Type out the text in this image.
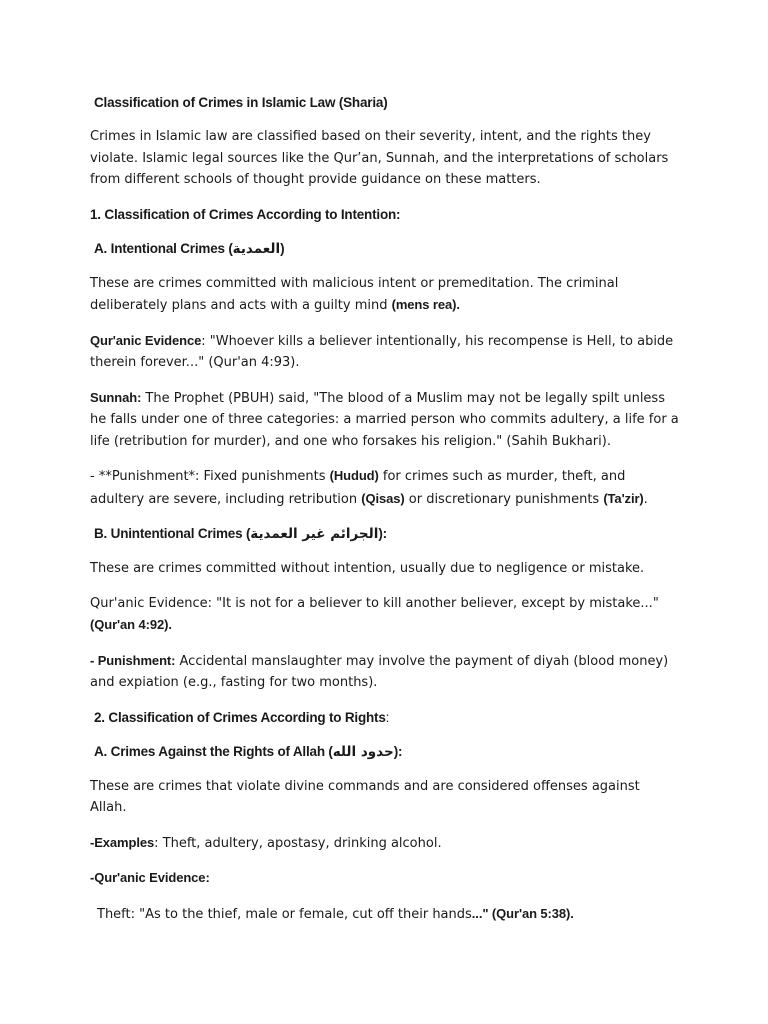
Classification of Crimes in Islamic Law (Sharia)

Crimes in Islamic law are classified based on their severity, intent, and the rights they violate. Islamic legal sources like the Qur’an, Sunnah, and the interpretations of scholars from different schools of thought provide guidance on these matters.

1. Classification of Crimes According to Intention:
A. Intentional Crimes (العمدية)

These are crimes committed with malicious intent or premeditation. The criminal deliberately plans and acts with a guilty mind (mens rea).

Qur'anic Evidence: "Whoever kills a believer intentionally, his recompense is Hell, to abide therein forever..." (Qur'an 4:93).

Sunnah: The Prophet (PBUH) said, "The blood of a Muslim may not be legally spilt unless he falls under one of three categories: a married person who commits adultery, a life for a life (retribution for murder), and one who forsakes his religion." (Sahih Bukhari).

- **Punishment*: Fixed punishments (Hudud) for crimes such as murder, theft, and adultery are severe, including retribution (Qisas) or discretionary punishments (Ta'zir).

B. Unintentional Crimes (الجرائم غير العمدية):

These are crimes committed without intention, usually due to negligence or mistake.

Qur'anic Evidence: "It is not for a believer to kill another believer, except by mistake..." (Qur'an 4:92).

- Punishment: Accidental manslaughter may involve the payment of diyah (blood money) and expiation (e.g., fasting for two months).

2. Classification of Crimes According to Rights:
A. Crimes Against the Rights of Allah (حدود الله):

These are crimes that violate divine commands and are considered offenses against Allah.

-Examples: Theft, adultery, apostasy, drinking alcohol.

-Qur'anic Evidence:

Theft: "As to the thief, male or female, cut off their hands..." (Qur'an 5:38).
